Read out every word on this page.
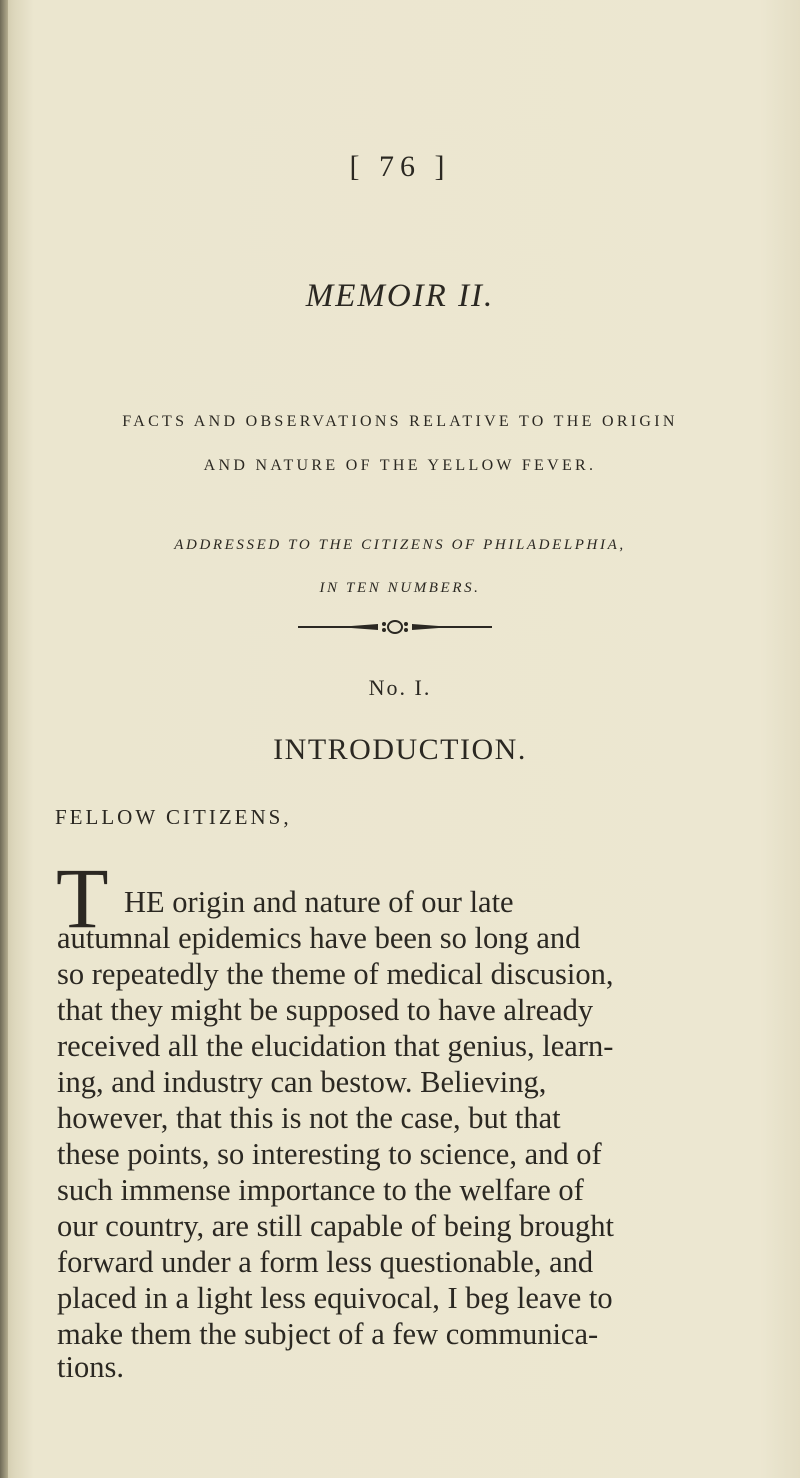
[ 76 ]
MEMOIR II.
FACTS AND OBSERVATIONS RELATIVE TO THE ORIGIN
AND NATURE OF THE YELLOW FEVER.
ADDRESSED TO THE CITIZENS OF PHILADELPHIA,
IN TEN NUMBERS.
No. I.
INTRODUCTION.
FELLOW CITIZENS,
T HE origin and nature of our late
autumnal epidemics have been so long and
so repeatedly the theme of medical discusion,
that they might be supposed to have already
received all the elucidation that genius, learn-
ing, and industry can bestow. Believing,
however, that this is not the case, but that
these points, so interesting to science, and of
such immense importance to the welfare of
our country, are still capable of being brought
forward under a form less questionable, and
placed in a light less equivocal, I beg leave to
make them the subject of a few communica-
tions.
